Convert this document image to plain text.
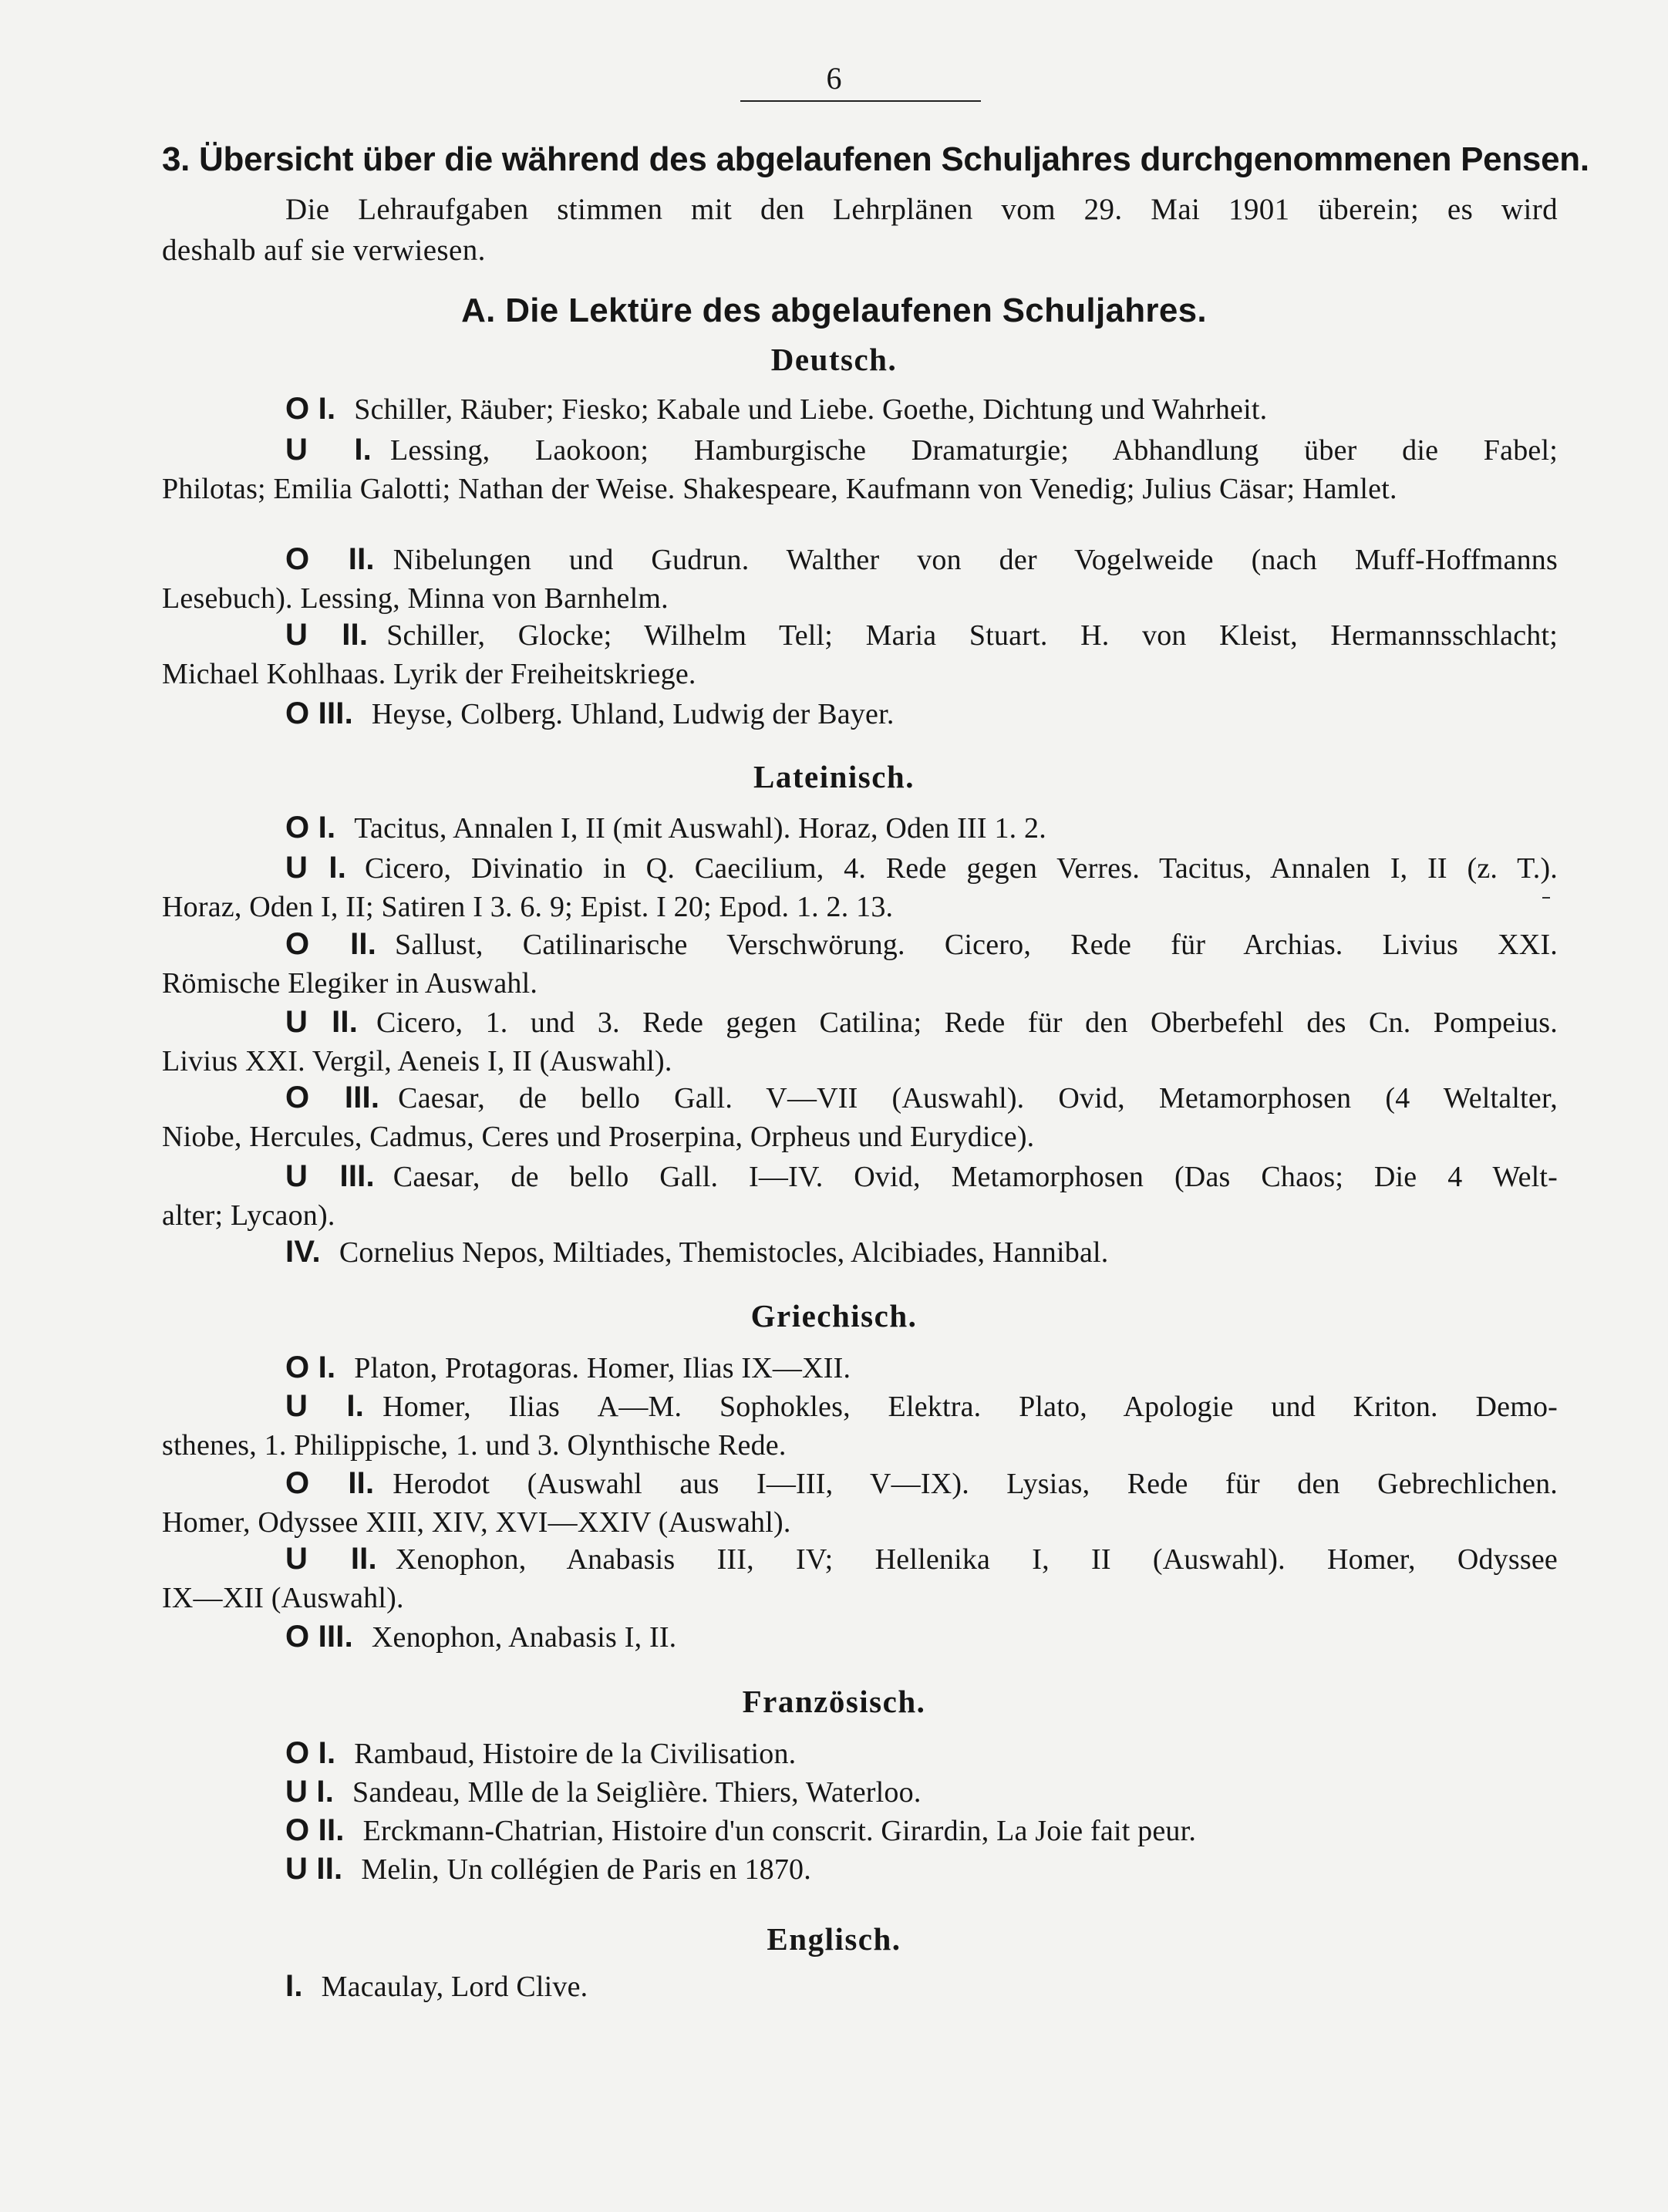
6
3. Übersicht über die während des abgelaufenen Schuljahres durchgenommenen Pensen.
Die Lehraufgaben stimmen mit den Lehrplänen vom 29. Mai 1901 überein; es wird
deshalb auf sie verwiesen.
A. Die Lektüre des abgelaufenen Schuljahres.
Deutsch.
O I. Schiller, Räuber; Fiesko; Kabale und Liebe. Goethe, Dichtung und Wahrheit.
U I. Lessing, Laokoon; Hamburgische Dramaturgie; Abhandlung über die Fabel;
Philotas; Emilia Galotti; Nathan der Weise. Shakespeare, Kaufmann von Venedig; Julius Cäsar; Hamlet.
O II. Nibelungen und Gudrun. Walther von der Vogelweide (nach Muff-Hoffmanns
Lesebuch). Lessing, Minna von Barnhelm.
U II. Schiller, Glocke; Wilhelm Tell; Maria Stuart. H. von Kleist, Hermannsschlacht;
Michael Kohlhaas. Lyrik der Freiheitskriege.
O III. Heyse, Colberg. Uhland, Ludwig der Bayer.
Lateinisch.
O I. Tacitus, Annalen I, II (mit Auswahl). Horaz, Oden III 1. 2.
U I. Cicero, Divinatio in Q. Caecilium, 4. Rede gegen Verres. Tacitus, Annalen I, II (z. T.).
Horaz, Oden I, II; Satiren I 3. 6. 9; Epist. I 20; Epod. 1. 2. 13.
O II. Sallust, Catilinarische Verschwörung. Cicero, Rede für Archias. Livius XXI.
Römische Elegiker in Auswahl.
U II. Cicero, 1. und 3. Rede gegen Catilina; Rede für den Oberbefehl des Cn. Pompeius.
Livius XXI. Vergil, Aeneis I, II (Auswahl).
O III. Caesar, de bello Gall. V—VII (Auswahl). Ovid, Metamorphosen (4 Weltalter,
Niobe, Hercules, Cadmus, Ceres und Proserpina, Orpheus und Eurydice).
U III. Caesar, de bello Gall. I—IV. Ovid, Metamorphosen (Das Chaos; Die 4 Welt-
alter; Lycaon).
IV. Cornelius Nepos, Miltiades, Themistocles, Alcibiades, Hannibal.
Griechisch.
O I. Platon, Protagoras. Homer, Ilias IX—XII.
U I. Homer, Ilias Α—Μ. Sophokles, Elektra. Plato, Apologie und Kriton. Demo-
sthenes, 1. Philippische, 1. und 3. Olynthische Rede.
O II. Herodot (Auswahl aus I—III, V—IX). Lysias, Rede für den Gebrechlichen.
Homer, Odyssee XIII, XIV, XVI—XXIV (Auswahl).
U II. Xenophon, Anabasis III, IV; Hellenika I, II (Auswahl). Homer, Odyssee
IX—XII (Auswahl).
O III. Xenophon, Anabasis I, II.
Französisch.
O I. Rambaud, Histoire de la Civilisation.
U I. Sandeau, Mlle de la Seiglière. Thiers, Waterloo.
O II. Erckmann-Chatrian, Histoire d'un conscrit. Girardin, La Joie fait peur.
U II. Melin, Un collégien de Paris en 1870.
Englisch.
I. Macaulay, Lord Clive.
